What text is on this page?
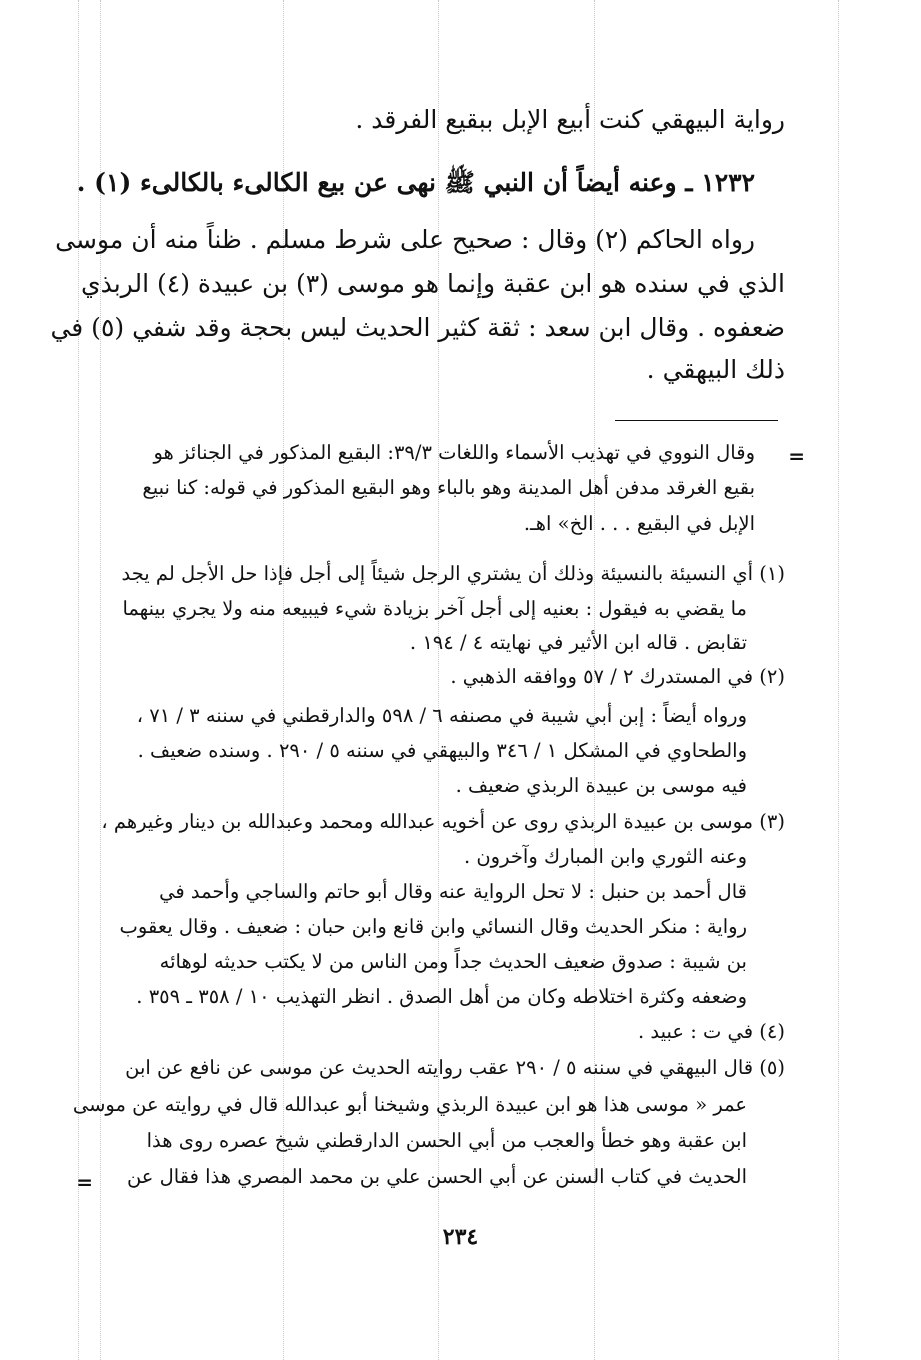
رواية البيهقي كنت أبيع الإبل ببقيع الفرقد .
١٢٣٢ ـ وعنه أيضاً أن النبي ﷺ نهى عن بيع الكالىء بالكالىء (١) .
رواه الحاكم (٢) وقال : صحيح على شرط مسلم . ظناً منه أن موسى
الذي في سنده هو ابن عقبة وإنما هو موسى (٣) بن عبيدة (٤) الربذي
ضعفوه . وقال ابن سعد : ثقة كثير الحديث ليس بحجة وقد شفي (٥) في
ذلك البيهقي .
=
وقال النووي في تهذيب الأسماء واللغات ٣٩/٣: البقيع المذكور في الجنائز هو
بقيع الغرقد مدفن أهل المدينة وهو بالباء وهو البقيع المذكور في قوله: كنا نبيع
الإبل في البقيع . . . الخ» اهـ.
(١) أي النسيئة بالنسيئة وذلك أن يشتري الرجل شيئاً إلى أجل فإذا حل الأجل لم يجد
ما يقضي به فيقول : بعنيه إلى أجل آخر بزيادة شيء فيبيعه منه ولا يجري بينهما
تقابض . قاله ابن الأثير في نهايته ٤ / ١٩٤ .
(٢) في المستدرك ٢ / ٥٧ ووافقه الذهبي .
ورواه أيضاً : إبن أبي شيبة في مصنفه ٦ / ٥٩٨ والدارقطني في سننه ٣ / ٧١ ،
والطحاوي في المشكل ١ / ٣٤٦ والبيهقي في سننه ٥ / ٢٩٠ . وسنده ضعيف .
فيه موسى بن عبيدة الربذي ضعيف .
(٣) موسى بن عبيدة الربذي روى عن أخويه عبدالله ومحمد وعبدالله بن دينار وغيرهم ،
وعنه الثوري وابن المبارك وآخرون .
قال أحمد بن حنبل : لا تحل الرواية عنه وقال أبو حاتم والساجي وأحمد في
رواية : منكر الحديث وقال النسائي وابن قانع وابن حبان : ضعيف . وقال يعقوب
بن شيبة : صدوق ضعيف الحديث جداً ومن الناس من لا يكتب حديثه لوهائه
وضعفه وكثرة اختلاطه وكان من أهل الصدق . انظر التهذيب ١٠ / ٣٥٨ ـ ٣٥٩ .
(٤) في ت : عبيد .
(٥) قال البيهقي في سننه ٥ / ٢٩٠ عقب روايته الحديث عن موسى عن نافع عن ابن
عمر « موسى هذا هو ابن عبيدة الربذي وشيخنا أبو عبدالله قال في روايته عن موسى
ابن عقبة وهو خطأ والعجب من أبي الحسن الدارقطني شيخ عصره روى هذا
الحديث في كتاب السنن عن أبي الحسن علي بن محمد المصري هذا فقال عن
=
٢٣٤
